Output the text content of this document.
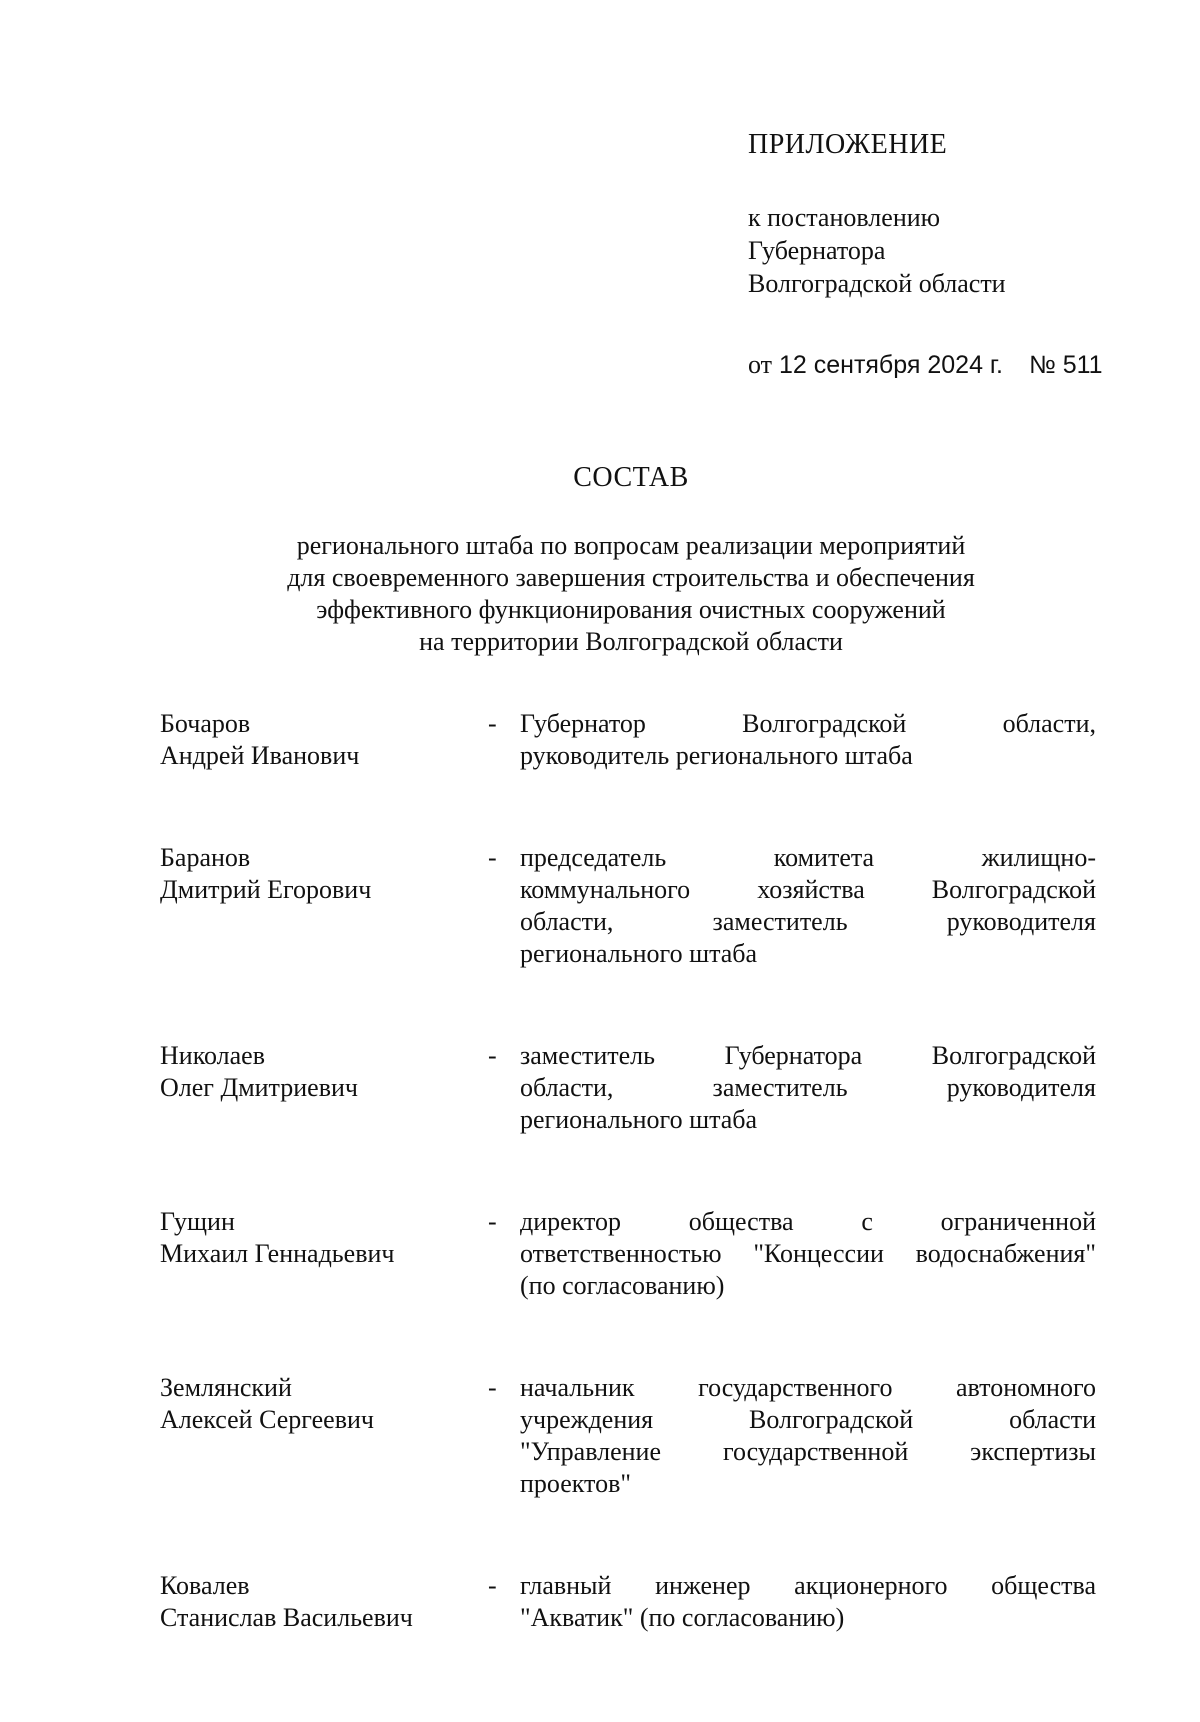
ПРИЛОЖЕНИЕ
к постановлению
Губернатора
Волгоградской области
от 12 сентября 2024 г. № 511
СОСТАВ
регионального штаба по вопросам реализации мероприятий
для своевременного завершения строительства и обеспечения
эффективного функционирования очистных сооружений
на территории Волгоградской области
Бочаров
Андрей Иванович
- Губернатор Волгоградской области,
руководитель регионального штаба
Баранов
Дмитрий Егорович
- председатель комитета жилищно-
коммунального хозяйства Волгоградской
области, заместитель руководителя
регионального штаба
Николаев
Олег Дмитриевич
- заместитель Губернатора Волгоградской
области, заместитель руководителя
регионального штаба
Гущин
Михаил Геннадьевич
- директор общества с ограниченной
ответственностью "Концессии водоснабжения"
(по согласованию)
Землянский
Алексей Сергеевич
- начальник государственного автономного
учреждения Волгоградской области
"Управление государственной экспертизы
проектов"
Ковалев
Станислав Васильевич
- главный инженер акционерного общества
"Акватик" (по согласованию)
